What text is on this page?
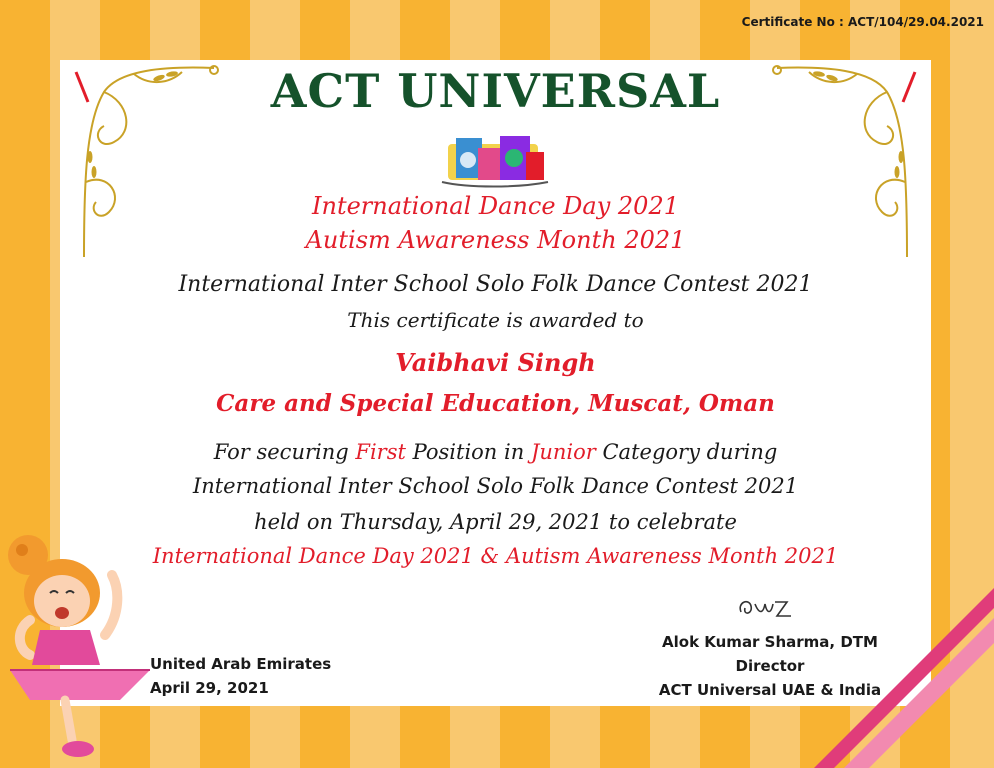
Certificate No : ACT/104/29.04.2021
ACT UNIVERSAL
International Dance Day 2021
Autism Awareness Month 2021
International Inter School Solo Folk Dance Contest 2021
This certificate is awarded to
Vaibhavi Singh
Care and Special Education, Muscat, Oman
For securing First Position in Junior Category during
International Inter School Solo Folk Dance Contest 2021
held on Thursday, April 29, 2021 to celebrate
International Dance Day 2021 & Autism Awareness Month 2021
Alok Kumar Sharma, DTM
Director
ACT Universal UAE & India
United Arab Emirates
April 29, 2021
